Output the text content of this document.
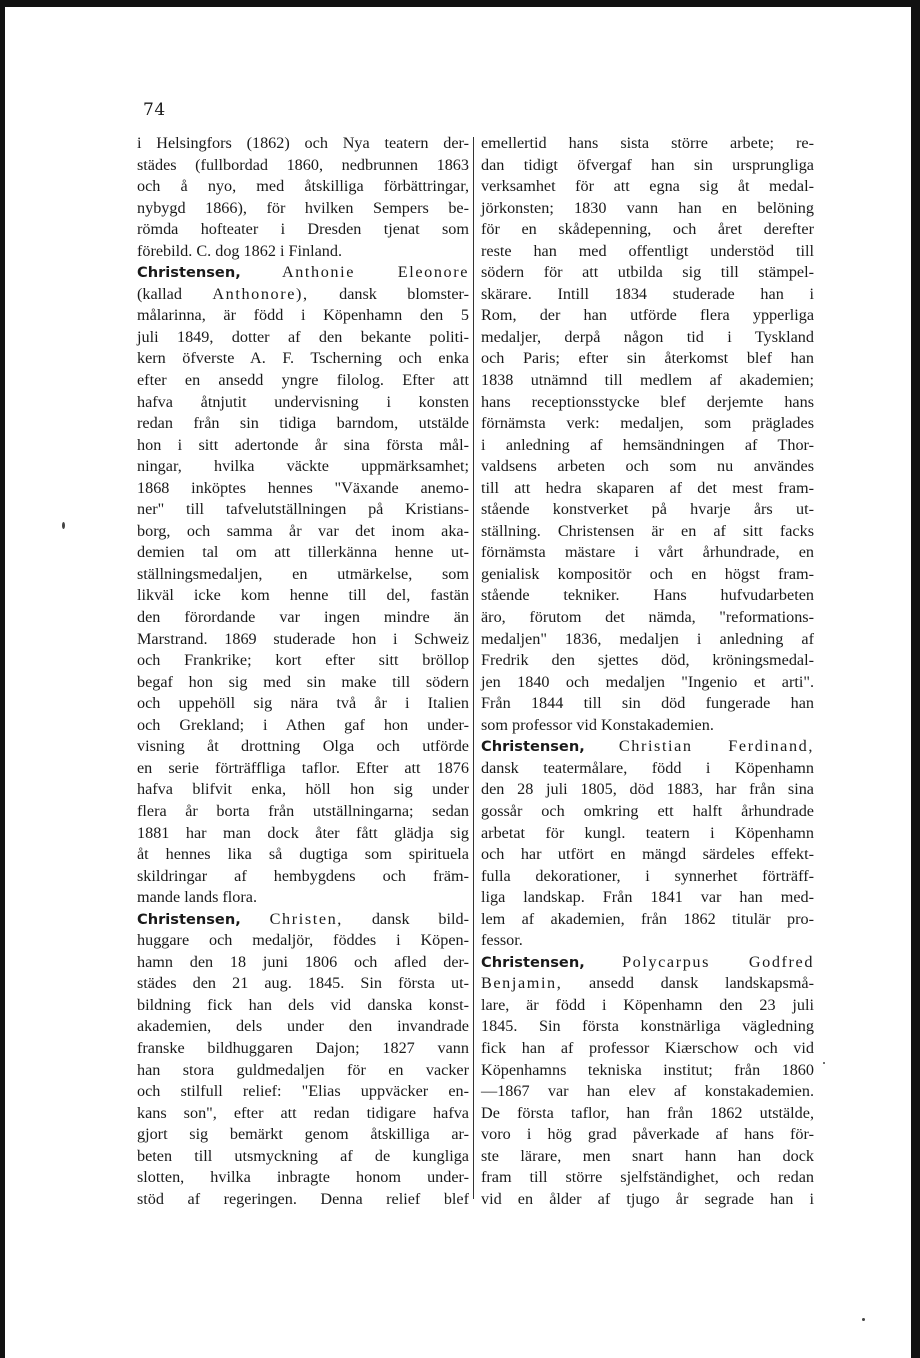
74
i Helsingfors (1862) och Nya teatern der-
städes (fullbordad 1860, nedbrunnen 1863
och å nyo, med åtskilliga förbättringar,
nybygd 1866), för hvilken Sempers be-
römda hofteater i Dresden tjenat som
förebild. C. dog 1862 i Finland.
Christensen,	Anthonie Eleonore
(kallad Anthonore), dansk blomster-
målarinna, är född i Köpenhamn den 5
juli 1849, dotter af den bekante politi-
kern öfverste A. F. Tscherning och enka
efter en ansedd yngre filolog. Efter att
hafva åtnjutit undervisning i konsten
redan från sin tidiga barndom, utstälde
hon i sitt adertonde år sina första mål-
ningar, hvilka väckte uppmärksamhet;
1868 inköptes hennes "Växande anemo-
ner" till tafvelutställningen på Kristians-
borg, och samma år var det inom aka-
demien tal om att tillerkänna henne ut-
ställningsmedaljen, en utmärkelse, som
likväl icke kom henne till del, fastän
den förordande var ingen mindre än
Marstrand. 1869 studerade hon i Schweiz
och Frankrike; kort efter sitt bröllop
begaf hon sig med sin make till södern
och uppehöll sig nära två år i Italien
och Grekland; i Athen gaf hon under-
visning åt drottning Olga och utförde
en serie förträffliga taflor. Efter att 1876
hafva blifvit enka, höll hon sig under
flera år borta från utställningarna; sedan
1881 har man dock åter fått glädja sig
åt hennes lika så dugtiga som spirituela
skildringar af hembygdens och främ-
mande lands flora.
Christensen, Christen, dansk bild-
huggare och medaljör, föddes i Köpen-
hamn den 18 juni 1806 och afled der-
städes den 21 aug. 1845. Sin första ut-
bildning fick han dels vid danska konst-
akademien, dels under den invandrade
franske bildhuggaren Dajon; 1827 vann
han stora guldmedaljen för en vacker
och stilfull relief: "Elias uppväcker en-
kans son", efter att redan tidigare hafva
gjort sig bemärkt genom åtskilliga ar-
beten till utsmyckning af de kungliga
slotten, hvilka inbragte honom under-
stöd af regeringen. Denna relief blef
emellertid hans sista större arbete; re-
dan tidigt öfvergaf han sin ursprungliga
verksamhet för att egna sig åt medal-
jörkonsten; 1830 vann han en belöning
för en skådepenning, och året derefter
reste han med offentligt understöd till
södern för att utbilda sig till stämpel-
skärare. Intill 1834 studerade han i
Rom, der han utförde flera ypperliga
medaljer, derpå någon tid i Tyskland
och Paris; efter sin återkomst blef han
1838 utnämnd till medlem af akademien;
hans receptionsstycke blef derjemte hans
förnämsta verk: medaljen, som präglades
i anledning af hemsändningen af Thor-
valdsens arbeten och som nu användes
till att hedra skaparen af det mest fram-
stående konstverket på hvarje års ut-
ställning. Christensen är en af sitt facks
förnämsta mästare i vårt århundrade, en
genialisk kompositör och en högst fram-
stående tekniker. Hans hufvudarbeten
äro, förutom det nämda, "reformations-
medaljen" 1836, medaljen i anledning af
Fredrik den sjettes död, kröningsmedal-
jen 1840 och medaljen "Ingenio et arti".
Från 1844 till sin död fungerade han
som professor vid Konstakademien.
Christensen, Christian Ferdinand,
dansk teatermålare, född i Köpenhamn
den 28 juli 1805, död 1883, har från sina
gossår och omkring ett halft århundrade
arbetat för kungl. teatern i Köpenhamn
och har utfört en mängd särdeles effekt-
fulla dekorationer, i synnerhet förträff-
liga landskap. Från 1841 var han med-
lem af akademien, från 1862 titulär pro-
fessor.
Christensen, Polycarpus Godfred
Benjamin, ansedd dansk landskapsmå-
lare, är född i Köpenhamn den 23 juli
1845. Sin första konstnärliga vägledning
fick han af professor Kiærschow och vid
Köpenhamns tekniska institut; från 1860
—1867 var han elev af konstakademien.
De första taflor, han från 1862 utstälde,
voro i hög grad påverkade af hans för-
ste lärare, men snart hann han dock
fram till större sjelfständighet, och redan
vid en ålder af tjugo år segrade han i
